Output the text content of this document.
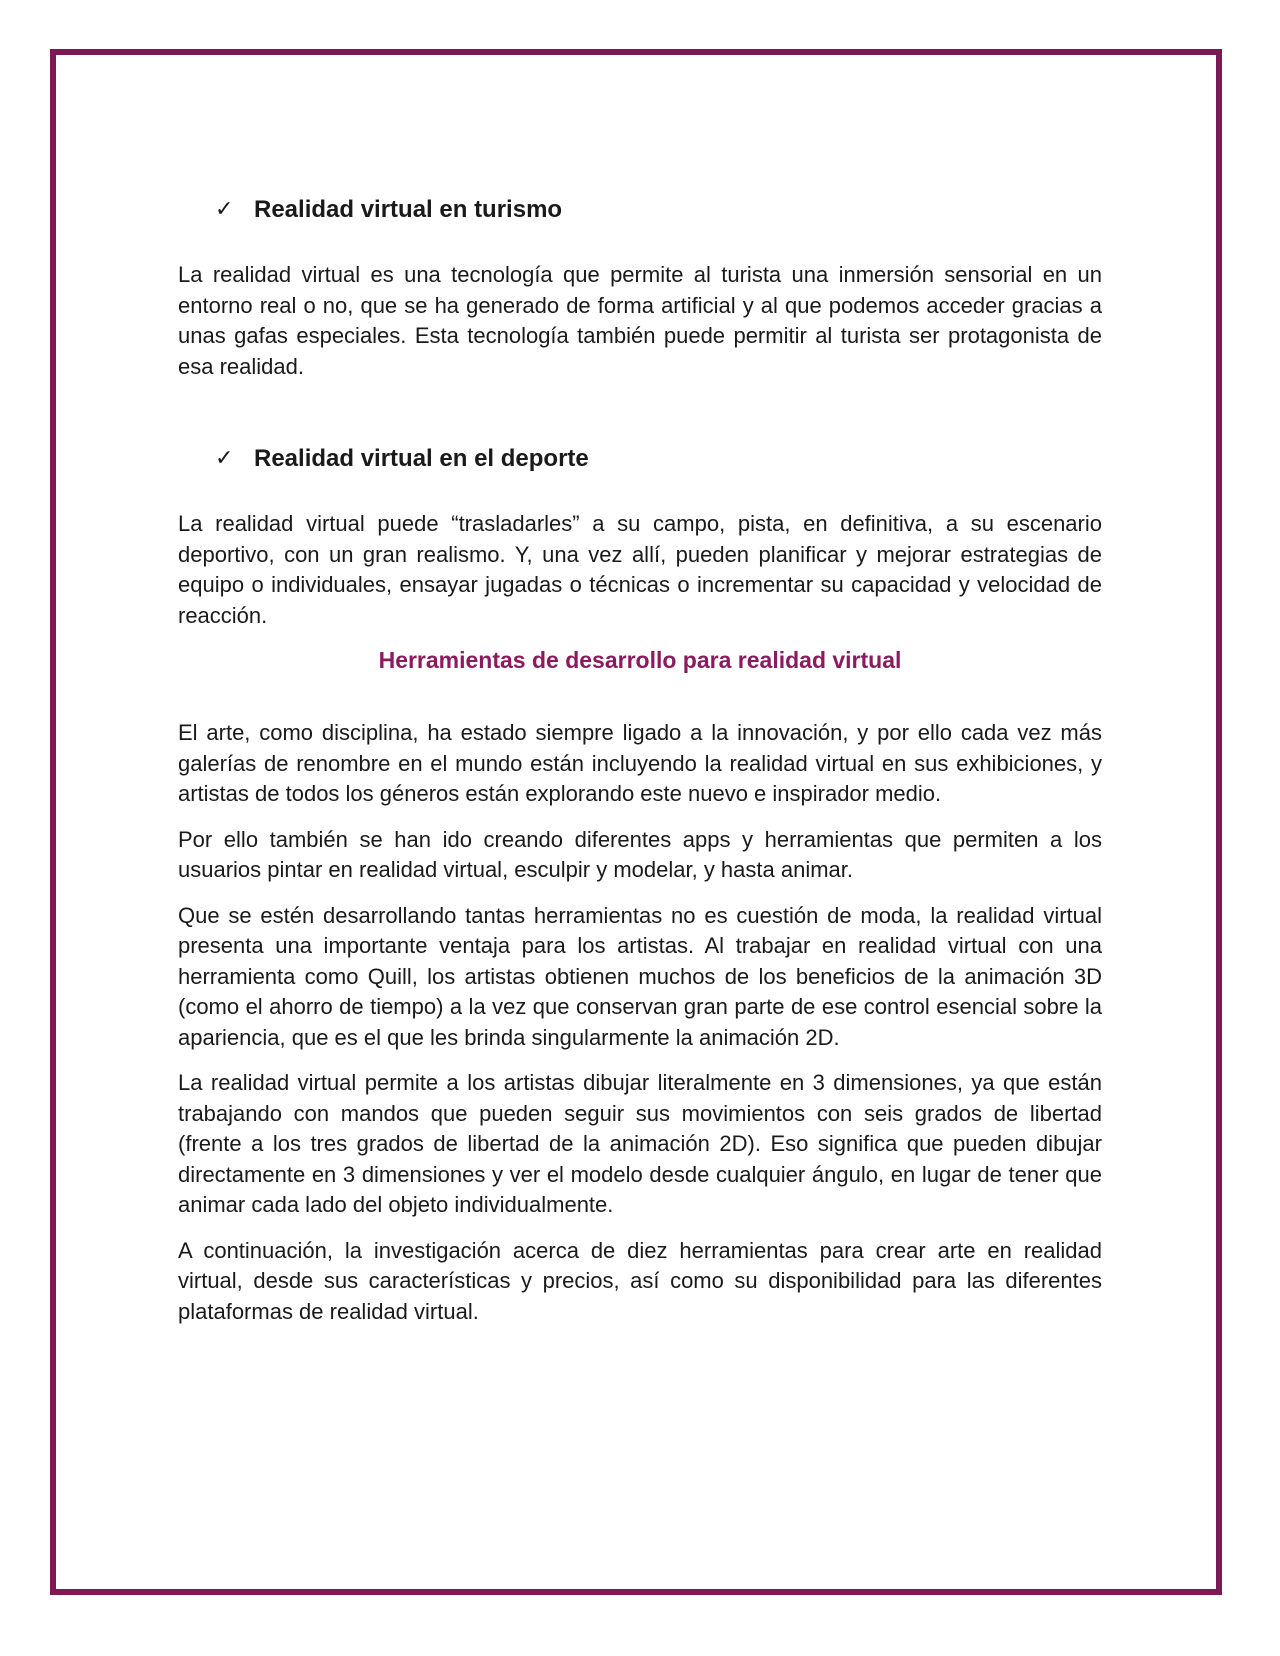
✓ Realidad virtual en turismo

La realidad virtual es una tecnología que permite al turista una inmersión sensorial en un entorno real o no, que se ha generado de forma artificial y al que podemos acceder gracias a unas gafas especiales. Esta tecnología también puede permitir al turista ser protagonista de esa realidad.

✓ Realidad virtual en el deporte

La realidad virtual puede “trasladarles” a su campo, pista, en definitiva, a su escenario deportivo, con un gran realismo. Y, una vez allí, pueden planificar y mejorar estrategias de equipo o individuales, ensayar jugadas o técnicas o incrementar su capacidad y velocidad de reacción.

Herramientas de desarrollo para realidad virtual

El arte, como disciplina, ha estado siempre ligado a la innovación, y por ello cada vez más galerías de renombre en el mundo están incluyendo la realidad virtual en sus exhibiciones, y artistas de todos los géneros están explorando este nuevo e inspirador medio.

Por ello también se han ido creando diferentes apps y herramientas que permiten a los usuarios pintar en realidad virtual, esculpir y modelar, y hasta animar.

Que se estén desarrollando tantas herramientas no es cuestión de moda, la realidad virtual presenta una importante ventaja para los artistas. Al trabajar en realidad virtual con una herramienta como Quill, los artistas obtienen muchos de los beneficios de la animación 3D (como el ahorro de tiempo) a la vez que conservan gran parte de ese control esencial sobre la apariencia, que es el que les brinda singularmente la animación 2D.

La realidad virtual permite a los artistas dibujar literalmente en 3 dimensiones, ya que están trabajando con mandos que pueden seguir sus movimientos con seis grados de libertad (frente a los tres grados de libertad de la animación 2D). Eso significa que pueden dibujar directamente en 3 dimensiones y ver el modelo desde cualquier ángulo, en lugar de tener que animar cada lado del objeto individualmente.

A continuación, la investigación acerca de diez herramientas para crear arte en realidad virtual, desde sus características y precios, así como su disponibilidad para las diferentes plataformas de realidad virtual.
